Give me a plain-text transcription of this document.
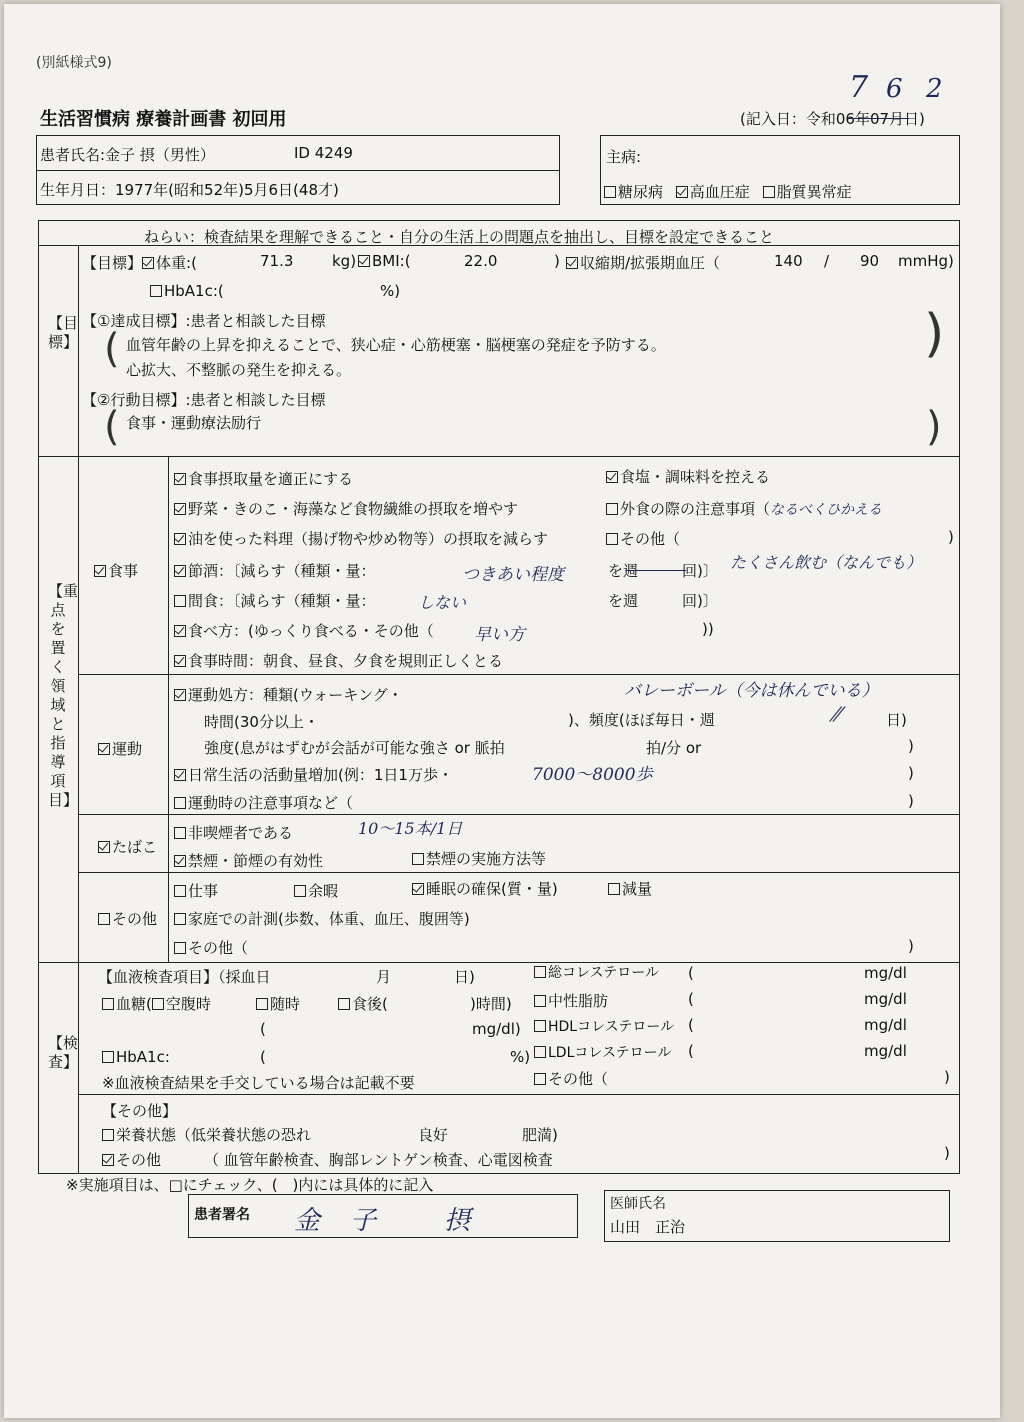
(別紙様式9)
生活習慣病 療養計画書 初回用
7 6 2
(記入日：令和06年07月日)
患者氏名:金子 摂（男性）	ID 4249
生年月日：1977年(昭和52年)5月6日(48才)
主病:
糖尿病 高血圧症 脂質異常症
ねらい：検査結果を理解できること・自分の生活上の問題点を抽出し、目標を設定できること
【目標】
【目標】 体重:(	71.3	kg)	BMI:(	22.0	)	収縮期/拡張期血圧（	140 / 90 mmHg)
HbA1c:(	%)
【①達成目標】:患者と相談した目標
血管年齢の上昇を抑えることで、狭心症・心筋梗塞・脳梗塞の発症を予防する。
心拡大、不整脈の発生を抑える。
(	)
【②行動目標】:患者と相談した目標
食事・運動療法励行
(	)
【重点を置く領域と指導項目】
食事
食事摂取量を適正にする	食塩・調味料を控える
野菜・きのこ・海藻など食物繊維の摂取を増やす	外食の際の注意事項（なるべくひかえる
油を使った料理（揚げ物や炒め物等）の摂取を減らす	その他（	)
節酒：〔減らす（種類・量：	つきあい程度	を週	回)〕 たくさん飲む（なんでも）
間食：〔減らす（種類・量：	しない	を週	回)〕
食べ方：(ゆっくり食べる・その他（ 早い方	))
食事時間：朝食、昼食、夕食を規則正しくとる
運動
運動処方：種類(ウォーキング・	バレーボール（今は休んでいる）
時間(30分以上・	)、頻度(ほぼ毎日・週	⁄⁄	日)
強度(息がはずむが会話が可能な強さ or 脈拍	拍/分 or	)
日常生活の活動量増加(例：1日1万歩・	7000〜8000歩	)
運動時の注意事項など（	)
たばこ
非喫煙者である	10〜15本/1日
禁煙・節煙の有効性	禁煙の実施方法等
その他
仕事	余暇	睡眠の確保(質・量)	減量
家庭での計測(歩数、体重、血圧、腹囲等)
その他（	)
【検査】
【血液検査項目】（採血日	月	日)
血糖( 空腹時	随時	食後(	)時間)
(	mg/dl)
HbA1c:	(	%)
※血液検査結果を手交している場合は記載不要
総コレステロール (	mg/dl
中性脂肪	(	mg/dl
HDLコレステロール (	mg/dl
LDLコレステロール (	mg/dl
その他（	)
【その他】
栄養状態（低栄養状態の恐れ	良好	肥満)
その他	（ 血管年齢検査、胸部レントゲン検査、心電図検査	)
※実施項目は、□にチェック、(　)内には具体的に記入
患者署名 金子 摂
医師氏名
山田　正治
